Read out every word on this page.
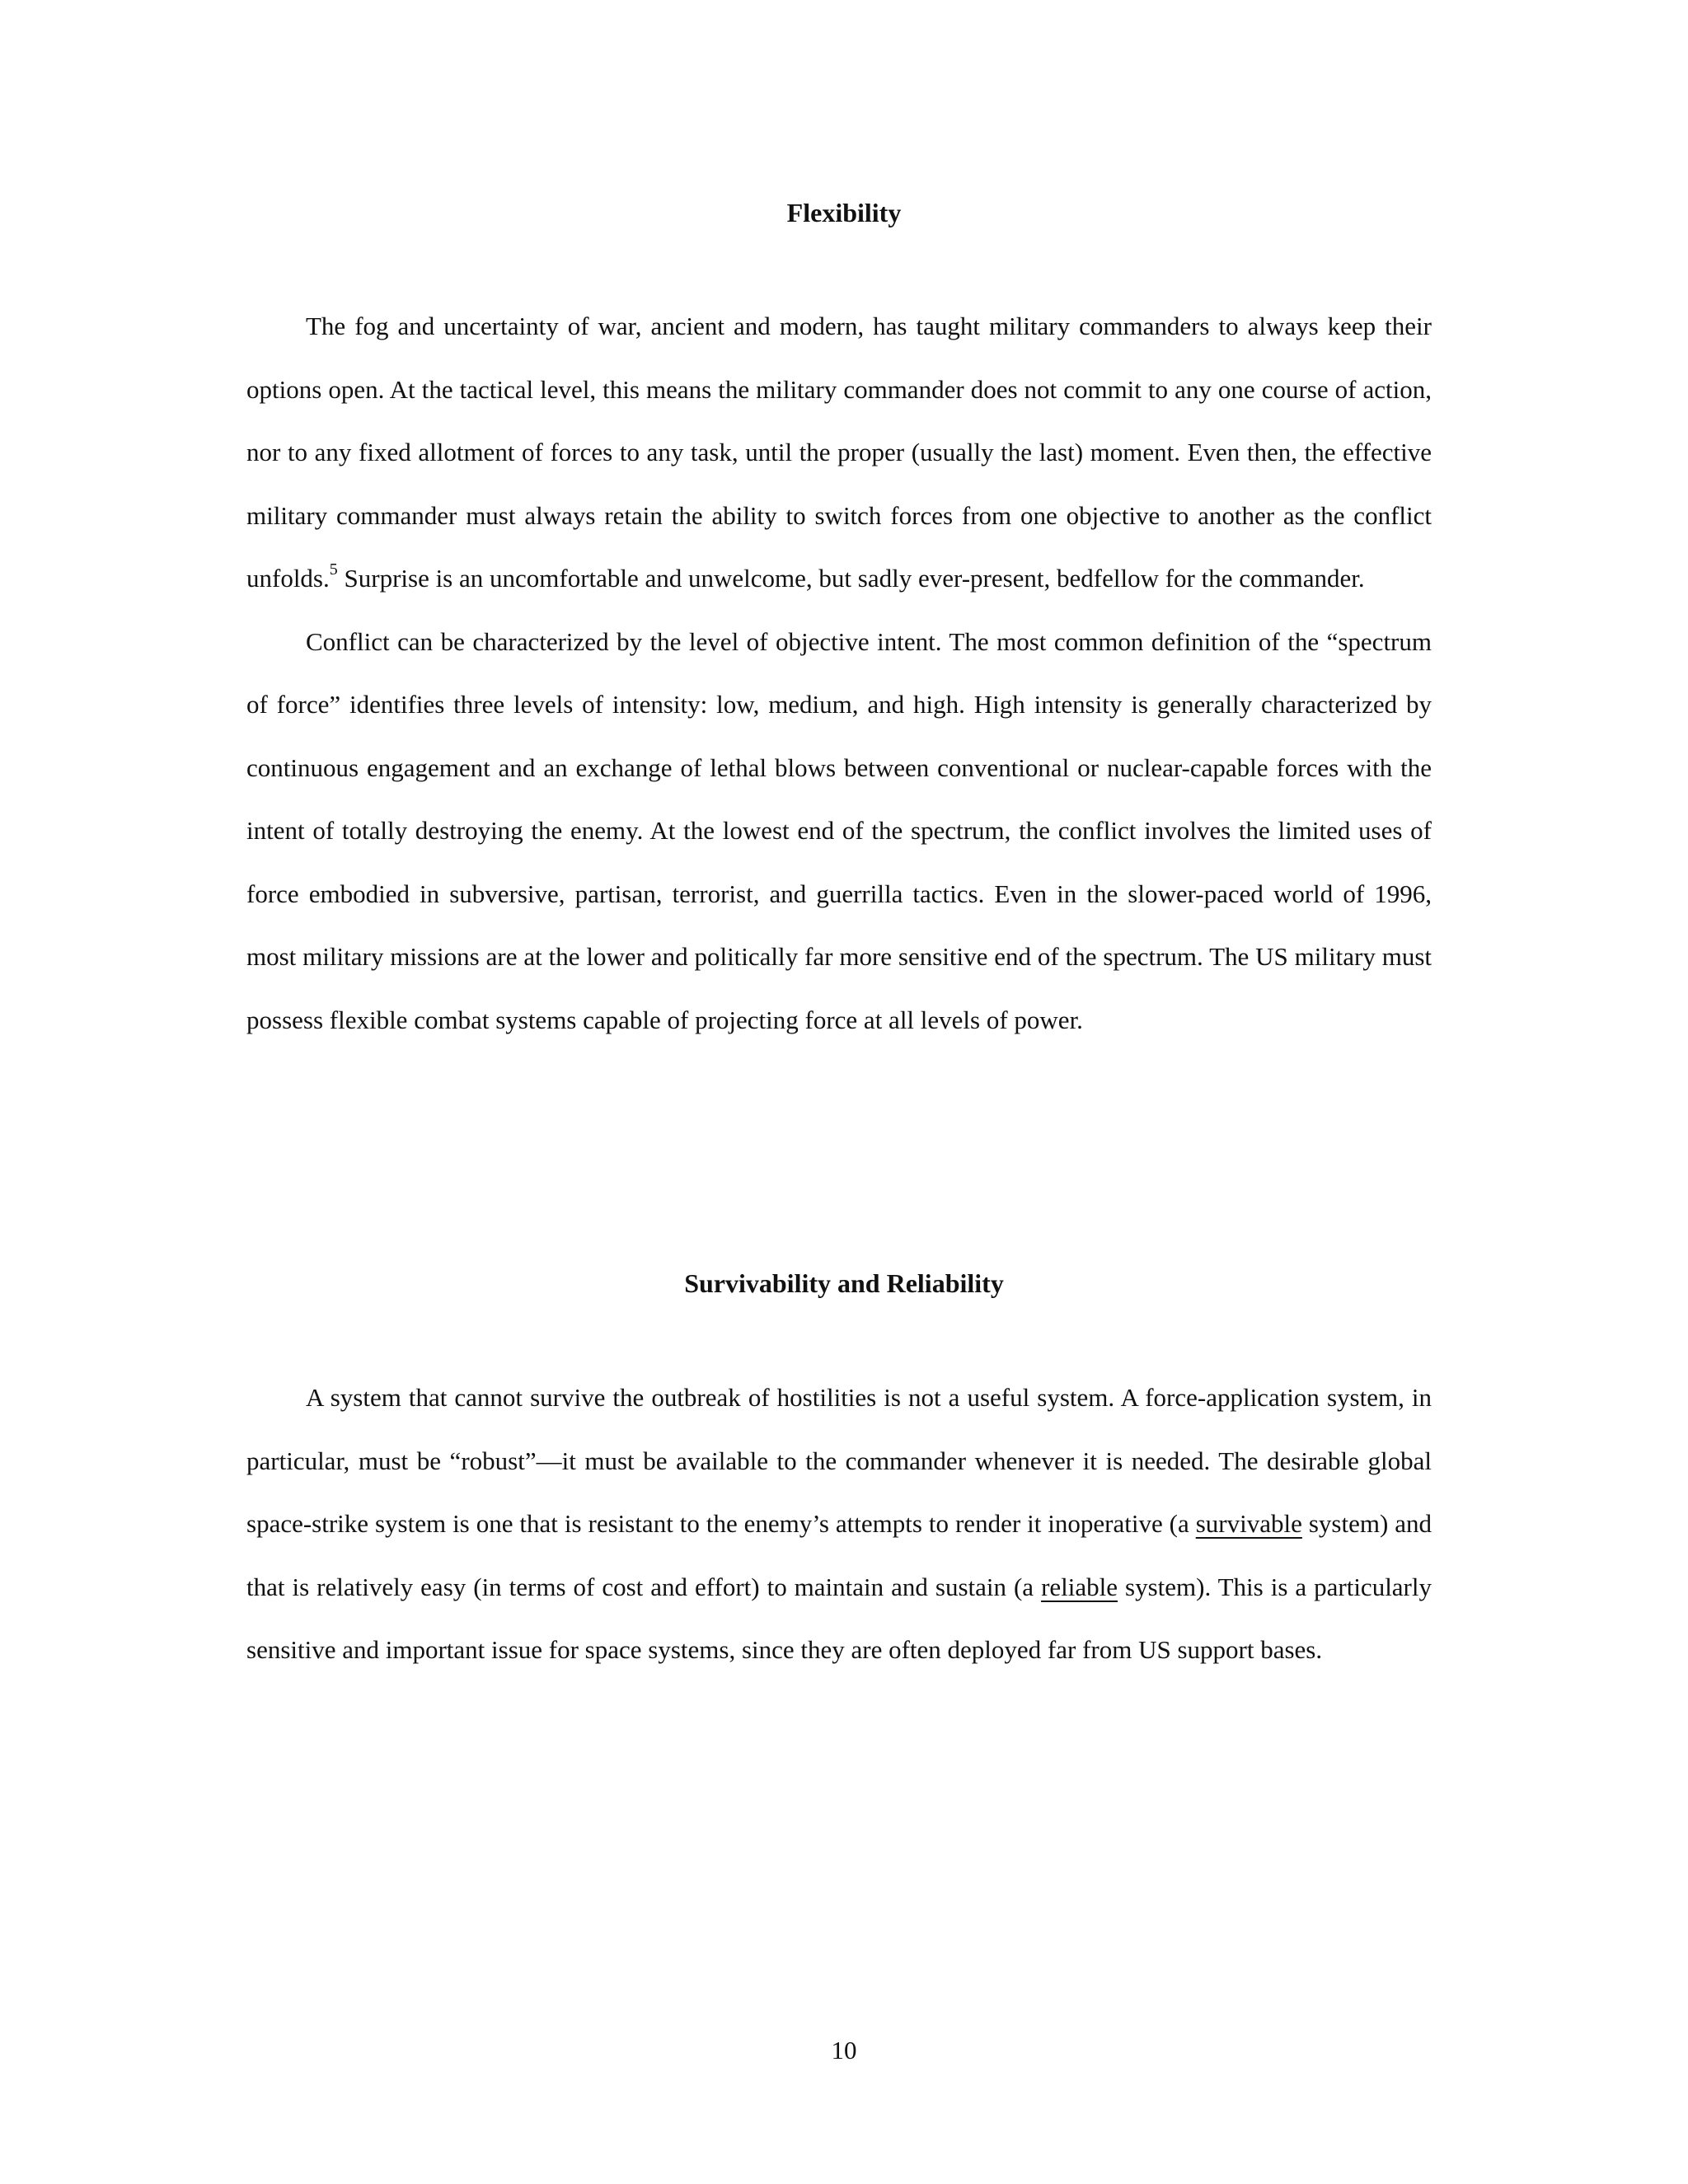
Flexibility

The fog and uncertainty of war, ancient and modern, has taught military commanders to always keep their options open. At the tactical level, this means the military commander does not commit to any one course of action, nor to any fixed allotment of forces to any task, until the proper (usually the last) moment. Even then, the effective military commander must always retain the ability to switch forces from one objective to another as the conflict unfolds.$^5$ Surprise is an uncomfortable and unwelcome, but sadly ever-present, bedfellow for the commander.

Conflict can be characterized by the level of objective intent. The most common definition of the “spectrum of force” identifies three levels of intensity: low, medium, and high. High intensity is generally characterized by continuous engagement and an exchange of lethal blows between conventional or nuclear-capable forces with the intent of totally destroying the enemy. At the lowest end of the spectrum, the conflict involves the limited uses of force embodied in subversive, partisan, terrorist, and guerrilla tactics. Even in the slower-paced world of 1996, most military missions are at the lower and politically far more sensitive end of the spectrum. The US military must possess flexible combat systems capable of projecting force at all levels of power.

Survivability and Reliability

A system that cannot survive the outbreak of hostilities is not a useful system. A force-application system, in particular, must be “robust”—it must be available to the commander whenever it is needed. The desirable global space-strike system is one that is resistant to the enemy’s attempts to render it inoperative (a survivable system) and that is relatively easy (in terms of cost and effort) to maintain and sustain (a reliable system). This is a particularly sensitive and important issue for space systems, since they are often deployed far from US support bases.

10
